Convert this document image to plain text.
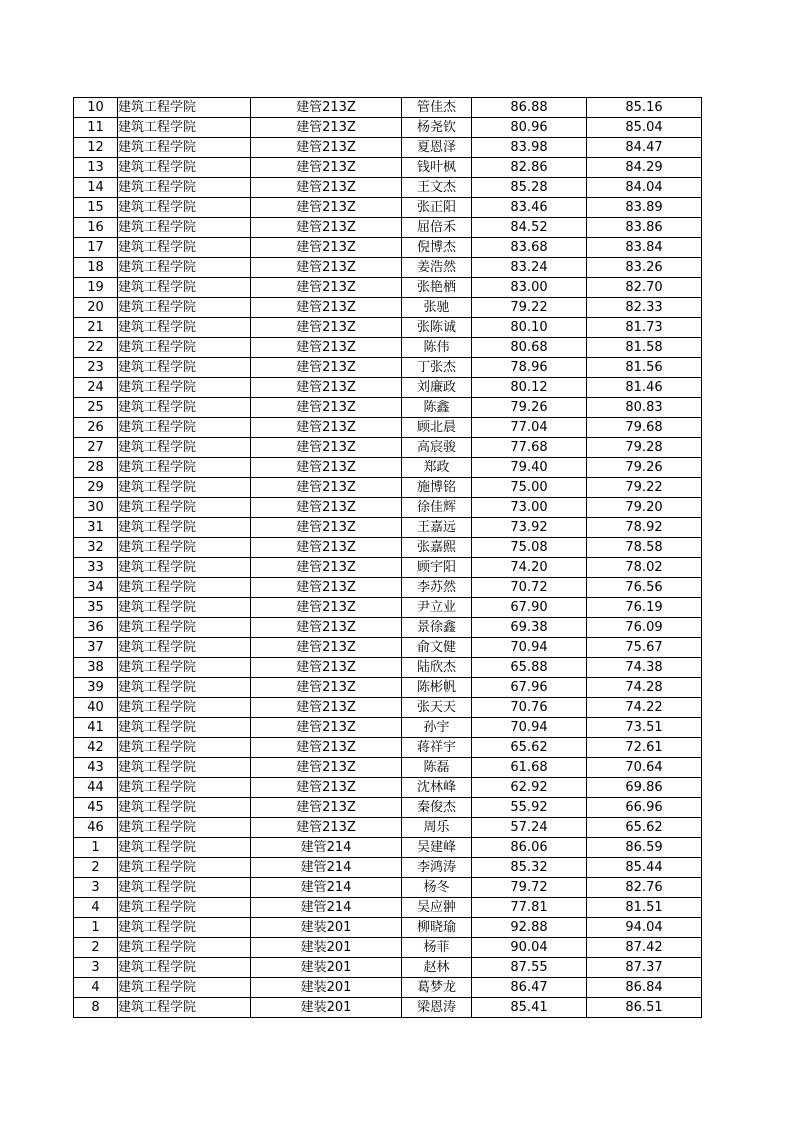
10	建筑工程学院	建管213Z	管佳杰	86.88	85.16
11	建筑工程学院	建管213Z	杨尧钦	80.96	85.04
12	建筑工程学院	建管213Z	夏恩泽	83.98	84.47
13	建筑工程学院	建管213Z	钱叶枫	82.86	84.29
14	建筑工程学院	建管213Z	王文杰	85.28	84.04
15	建筑工程学院	建管213Z	张正阳	83.46	83.89
16	建筑工程学院	建管213Z	屈倍禾	84.52	83.86
17	建筑工程学院	建管213Z	倪博杰	83.68	83.84
18	建筑工程学院	建管213Z	姜浩然	83.24	83.26
19	建筑工程学院	建管213Z	张艳栖	83.00	82.70
20	建筑工程学院	建管213Z	张驰	79.22	82.33
21	建筑工程学院	建管213Z	张陈诚	80.10	81.73
22	建筑工程学院	建管213Z	陈伟	80.68	81.58
23	建筑工程学院	建管213Z	丁张杰	78.96	81.56
24	建筑工程学院	建管213Z	刘廉政	80.12	81.46
25	建筑工程学院	建管213Z	陈鑫	79.26	80.83
26	建筑工程学院	建管213Z	顾北晨	77.04	79.68
27	建筑工程学院	建管213Z	高宸骏	77.68	79.28
28	建筑工程学院	建管213Z	郑政	79.40	79.26
29	建筑工程学院	建管213Z	施博铭	75.00	79.22
30	建筑工程学院	建管213Z	徐佳辉	73.00	79.20
31	建筑工程学院	建管213Z	王嘉远	73.92	78.92
32	建筑工程学院	建管213Z	张嘉熙	75.08	78.58
33	建筑工程学院	建管213Z	顾宇阳	74.20	78.02
34	建筑工程学院	建管213Z	李苏然	70.72	76.56
35	建筑工程学院	建管213Z	尹立业	67.90	76.19
36	建筑工程学院	建管213Z	景徐鑫	69.38	76.09
37	建筑工程学院	建管213Z	俞文健	70.94	75.67
38	建筑工程学院	建管213Z	陆欣杰	65.88	74.38
39	建筑工程学院	建管213Z	陈彬帆	67.96	74.28
40	建筑工程学院	建管213Z	张天天	70.76	74.22
41	建筑工程学院	建管213Z	孙宇	70.94	73.51
42	建筑工程学院	建管213Z	蒋祥宇	65.62	72.61
43	建筑工程学院	建管213Z	陈磊	61.68	70.64
44	建筑工程学院	建管213Z	沈林峰	62.92	69.86
45	建筑工程学院	建管213Z	秦俊杰	55.92	66.96
46	建筑工程学院	建管213Z	周乐	57.24	65.62
1	建筑工程学院	建管214	吴建峰	86.06	86.59
2	建筑工程学院	建管214	李鸿涛	85.32	85.44
3	建筑工程学院	建管214	杨冬	79.72	82.76
4	建筑工程学院	建管214	吴应翀	77.81	81.51
1	建筑工程学院	建装201	柳晓瑜	92.88	94.04
2	建筑工程学院	建装201	杨菲	90.04	87.42
3	建筑工程学院	建装201	赵林	87.55	87.37
4	建筑工程学院	建装201	葛梦龙	86.47	86.84
8	建筑工程学院	建装201	梁恩涛	85.41	86.51
